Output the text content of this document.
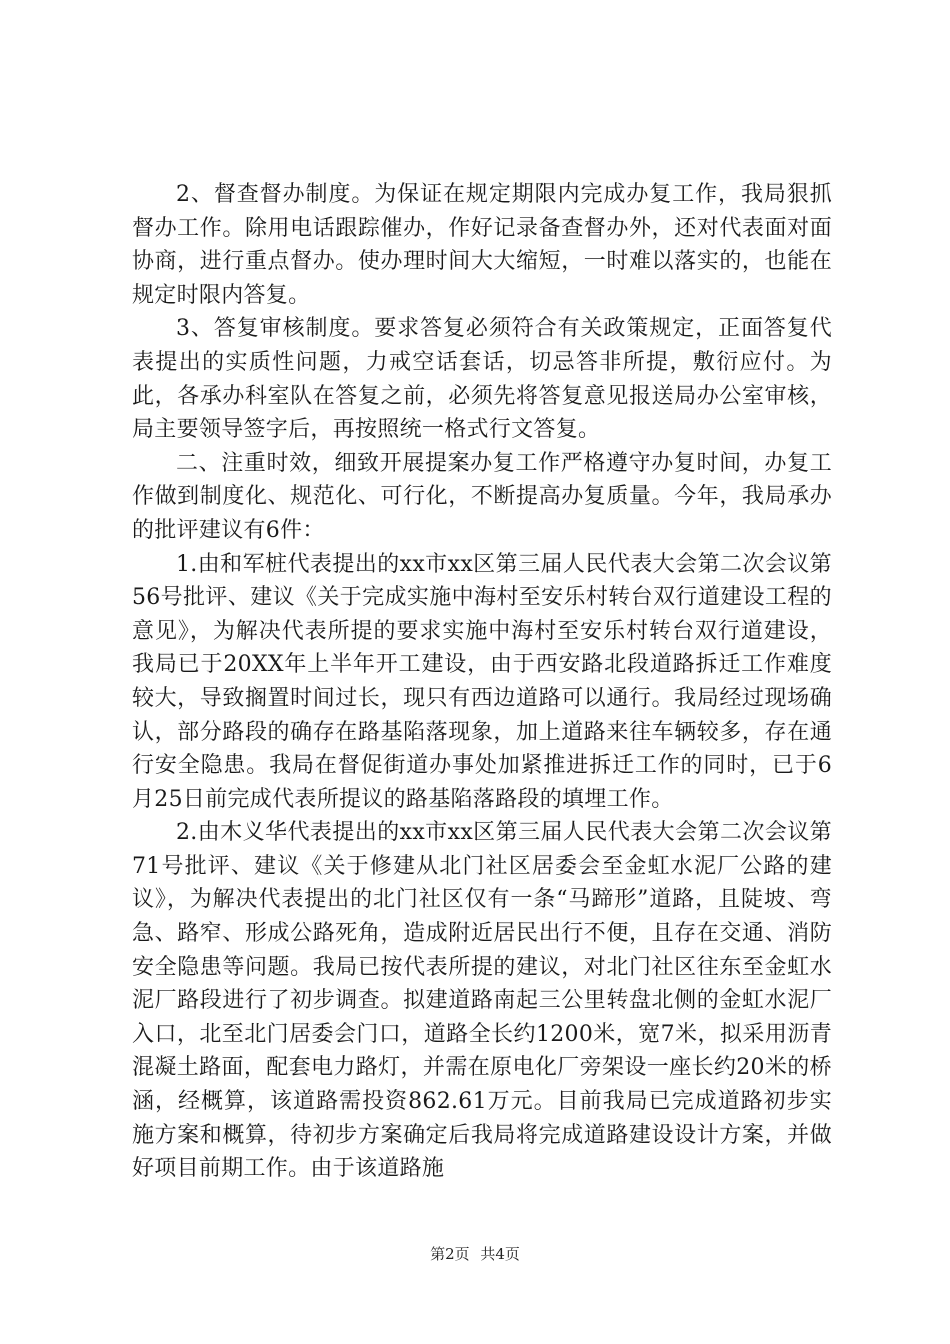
2、督查督办制度。为保证在规定期限内完成办复工作，我局狠抓督办工作。除用电话跟踪催办，作好记录备查督办外，还对代表面对面协商，进行重点督办。使办理时间大大缩短，一时难以落实的，也能在规定时限内答复。

3、答复审核制度。要求答复必须符合有关政策规定，正面答复代表提出的实质性问题，力戒空话套话，切忌答非所提，敷衍应付。为此，各承办科室队在答复之前，必须先将答复意见报送局办公室审核，局主要领导签字后，再按照统一格式行文答复。

二、注重时效，细致开展提案办复工作严格遵守办复时间，办复工作做到制度化、规范化、可行化，不断提高办复质量。今年，我局承办的批评建议有6件：

1.由和军桩代表提出的xx市xx区第三届人民代表大会第二次会议第56号批评、建议《关于完成实施中海村至安乐村转台双行道建设工程的意见》，为解决代表所提的要求实施中海村至安乐村转台双行道建设，我局已于20XX年上半年开工建设，由于西安路北段道路拆迁工作难度较大，导致搁置时间过长，现只有西边道路可以通行。我局经过现场确认，部分路段的确存在路基陷落现象，加上道路来往车辆较多，存在通行安全隐患。我局在督促街道办事处加紧推进拆迁工作的同时，已于6月25日前完成代表所提议的路基陷落路段的填埋工作。

2.由木义华代表提出的xx市xx区第三届人民代表大会第二次会议第71号批评、建议《关于修建从北门社区居委会至金虹水泥厂公路的建议》，为解决代表提出的北门社区仅有一条“马蹄形”道路，且陡坡、弯急、路窄、形成公路死角，造成附近居民出行不便，且存在交通、消防安全隐患等问题。我局已按代表所提的建议，对北门社区往东至金虹水泥厂路段进行了初步调查。拟建道路南起三公里转盘北侧的金虹水泥厂入口，北至北门居委会门口，道路全长约1200米，宽7米，拟采用沥青混凝土路面，配套电力路灯，并需在原电化厂旁架设一座长约20米的桥涵，经概算，该道路需投资862.61万元。目前我局已完成道路初步实施方案和概算，待初步方案确定后我局将完成道路建设设计方案，并做好项目前期工作。由于该道路施

第2页 共4页
